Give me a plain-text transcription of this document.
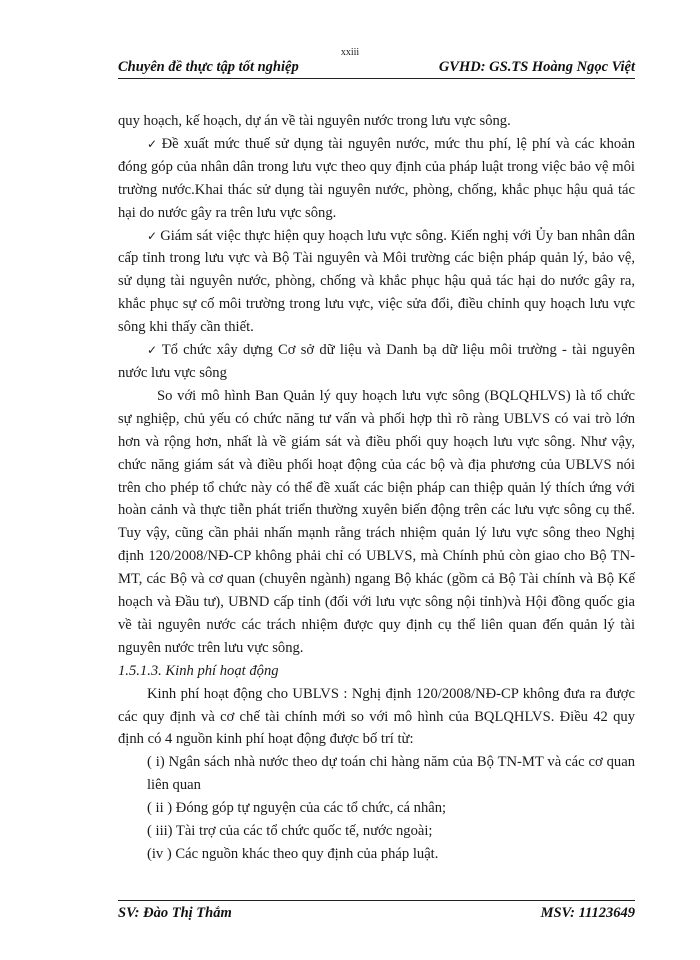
xxiii
Chuyên đề thực tập tốt nghiệp	GVHD: GS.TS Hoàng Ngọc Việt

quy hoạch, kế hoạch, dự án về tài nguyên nước trong lưu vực sông.

✓ Đề xuất mức thuế sử dụng tài nguyên nước, mức thu phí, lệ phí và các khoản đóng góp của nhân dân trong lưu vực theo quy định của pháp luật trong việc bảo vệ môi trường nước.Khai thác sử dụng tài nguyên nước, phòng, chống, khắc phục hậu quả tác hại do nước gây ra trên lưu vực sông.

✓ Giám sát việc thực hiện quy hoạch lưu vực sông. Kiến nghị với Ủy ban nhân dân cấp tỉnh trong lưu vực và Bộ Tài nguyên và Môi trường các biện pháp quản lý, bảo vệ, sử dụng tài nguyên nước, phòng, chống và khắc phục hậu quả tác hại do nước gây ra, khắc phục sự cố môi trường trong lưu vực, việc sửa đổi, điều chỉnh quy hoạch lưu vực sông khi thấy cần thiết.

✓ Tổ chức xây dựng Cơ sở dữ liệu và Danh bạ dữ liệu môi trường - tài nguyên nước lưu vực sông

So với mô hình Ban Quản lý quy hoạch lưu vực sông (BQLQHLVS) là tổ chức sự nghiệp, chủ yếu có chức năng tư vấn và phối hợp thì rõ ràng UBLVS có vai trò lớn hơn và rộng hơn, nhất là về giám sát và điều phối quy hoạch lưu vực sông. Như vậy, chức năng giám sát và điều phối hoạt động của các bộ và địa phương của UBLVS nói trên cho phép tổ chức này có thể đề xuất các biện pháp can thiệp quản lý thích ứng với hoàn cảnh và thực tiễn phát triển thường xuyên biến động trên các lưu vực sông cụ thể. Tuy vậy, cũng cần phải nhấn mạnh rằng trách nhiệm quản lý lưu vực sông theo Nghị định 120/2008/NĐ-CP không phải chỉ có UBLVS, mà Chính phủ còn giao cho Bộ TN-MT, các Bộ và cơ quan (chuyên ngành) ngang Bộ khác (gồm cả Bộ Tài chính và Bộ Kế hoạch và Đầu tư), UBND cấp tỉnh (đối với lưu vực sông nội tỉnh)và Hội đồng quốc gia về tài nguyên nước các trách nhiệm được quy định cụ thể liên quan đến quản lý tài nguyên nước trên lưu vực sông.

1.5.1.3. Kinh phí hoạt động

Kinh phí hoạt động cho UBLVS : Nghị định 120/2008/NĐ-CP không đưa ra được các quy định và cơ chế tài chính mới so với mô hình của BQLQHLVS. Điều 42 quy định có 4 nguồn kinh phí hoạt động được bố trí từ:

( i) Ngân sách nhà nước theo dự toán chi hàng năm của Bộ TN-MT và các cơ quan liên quan

( ii ) Đóng góp tự nguyện của các tổ chức, cá nhân;

( iii) Tài trợ của các tổ chức quốc tế, nước ngoài;

(iv ) Các nguồn khác theo quy định của pháp luật.

SV: Đào Thị Thắm	MSV: 11123649
